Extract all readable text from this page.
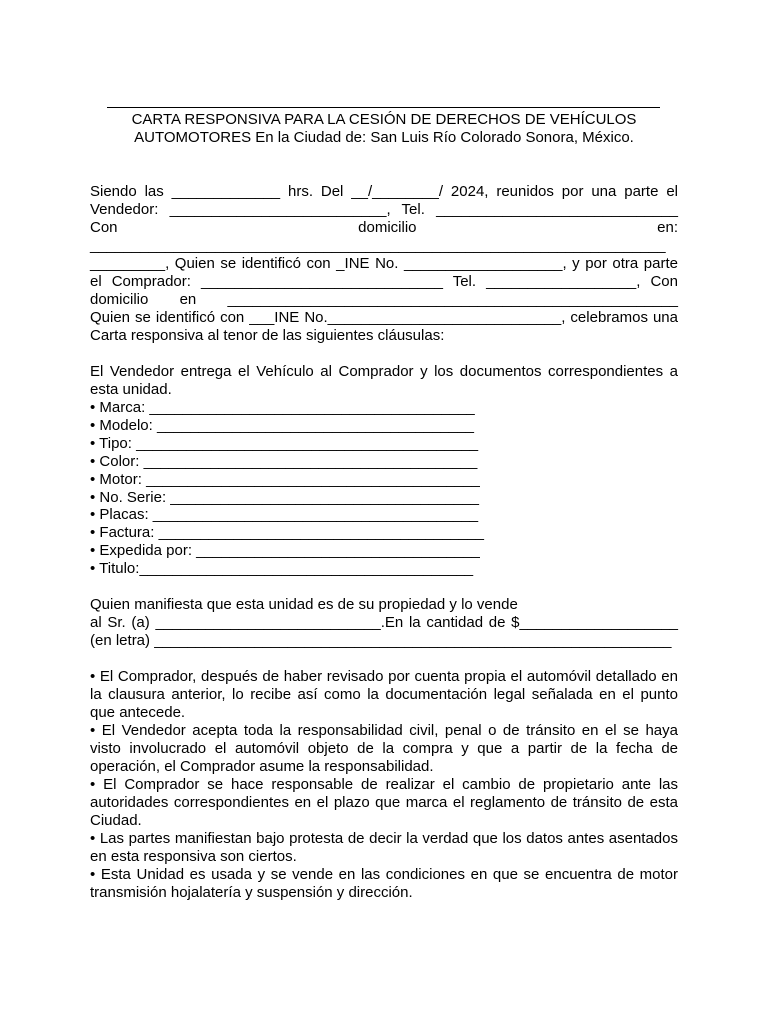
CARTA RESPONSIVA PARA LA CESIÓN DE DERECHOS DE VEHÍCULOS
AUTOMOTORES En la Ciudad de: San Luis Río Colorado Sonora, México.
Siendo las _____________ hrs. Del __/________/ 2024, reunidos por una parte el
Vendedor: __________________________, Tel. _____________________________
Con domicilio en:
_____________________________________________________________________
_________, Quien se identificó con _INE No. ___________________, y por otra parte
el Comprador: _____________________________ Tel. __________________, Con
domicilio en ______________________________________________________
Quien se identificó con ___INE No.____________________________, celebramos una
Carta responsiva al tenor de las siguientes cláusulas:
El Vendedor entrega el Vehículo al Comprador y los documentos correspondientes a
esta unidad.
• Marca: _______________________________________
• Modelo: ______________________________________
• Tipo: _________________________________________
• Color: ________________________________________
• Motor: ________________________________________
• No. Serie: _____________________________________
• Placas: _______________________________________
• Factura: _______________________________________
• Expedida por: __________________________________
• Titulo:________________________________________
Quien manifiesta que esta unidad es de su propiedad y lo vende
al Sr. (a) ___________________________.En la cantidad de $___________________
(en letra) ______________________________________________________________
• El Comprador, después de haber revisado por cuenta propia el automóvil detallado en
la clausura anterior, lo recibe así como la documentación legal señalada en el punto
que antecede.
• El Vendedor acepta toda la responsabilidad civil, penal o de tránsito en el se haya
visto involucrado el automóvil objeto de la compra y que a partir de la fecha de
operación, el Comprador asume la responsabilidad.
• El Comprador se hace responsable de realizar el cambio de propietario ante las
autoridades correspondientes en el plazo que marca el reglamento de tránsito de esta
Ciudad.
• Las partes manifiestan bajo protesta de decir la verdad que los datos antes asentados
en esta responsiva son ciertos.
• Esta Unidad es usada y se vende en las condiciones en que se encuentra de motor
transmisión hojalatería y suspensión y dirección.
